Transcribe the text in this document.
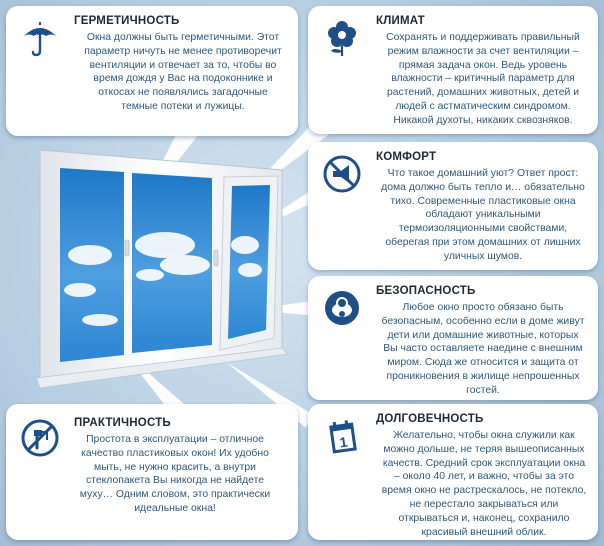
ГЕРМЕТИЧНОСТЬ
Окна должны быть герметичными. Этот
параметр ничуть не менее противоречит
вентиляции и отвечает за то, чтобы во
время дождя у Вас на подоконнике и
откосах не появлялись загадочные
темные потеки и лужицы.
КЛИМАТ
Сохранять и поддерживать правильный
режим влажности за счет вентиляции –
прямая задача окон. Ведь уровень
влажности – критичный параметр для
растений, домашних животных, детей и
людей с астматическим синдромом.
Никакой духоты, никаких сквозняков.
КОМФОРТ
Что такое домашний уют? Ответ прост:
дома должно быть тепло и… обязательно
тихо. Современные пластиковые окна
обладают уникальными
термоизоляционными свойствами,
оберегая при этом домашних от лишних
уличных шумов.
БЕЗОПАСНОСТЬ
Любое окно просто обязано быть
безопасным, особенно если в доме живут
дети или домашние животные, которых
Вы часто оставляете наедине с внешним
миром. Сюда же относится и защита от
проникновения в жилище непрошенных
гостей.
ПРАКТИЧНОСТЬ
Простота в эксплуатации – отличное
качество пластиковых окон! Их удобно
мыть, не нужно красить, а внутри
стеклопакета Вы никогда не найдете
муху… Одним словом, это практически
идеальные окна!
1
ДОЛГОВЕЧНОСТЬ
Желательно, чтобы окна служили как
можно дольше, не теряя вышеописанных
качеств. Средний срок эксплуатации окна
– около 40 лет, и важно, чтобы за это
время окно не растрескалось, не потекло,
не перестало закрываться или
открываться и, наконец, сохранило
красивый внешний облик.
